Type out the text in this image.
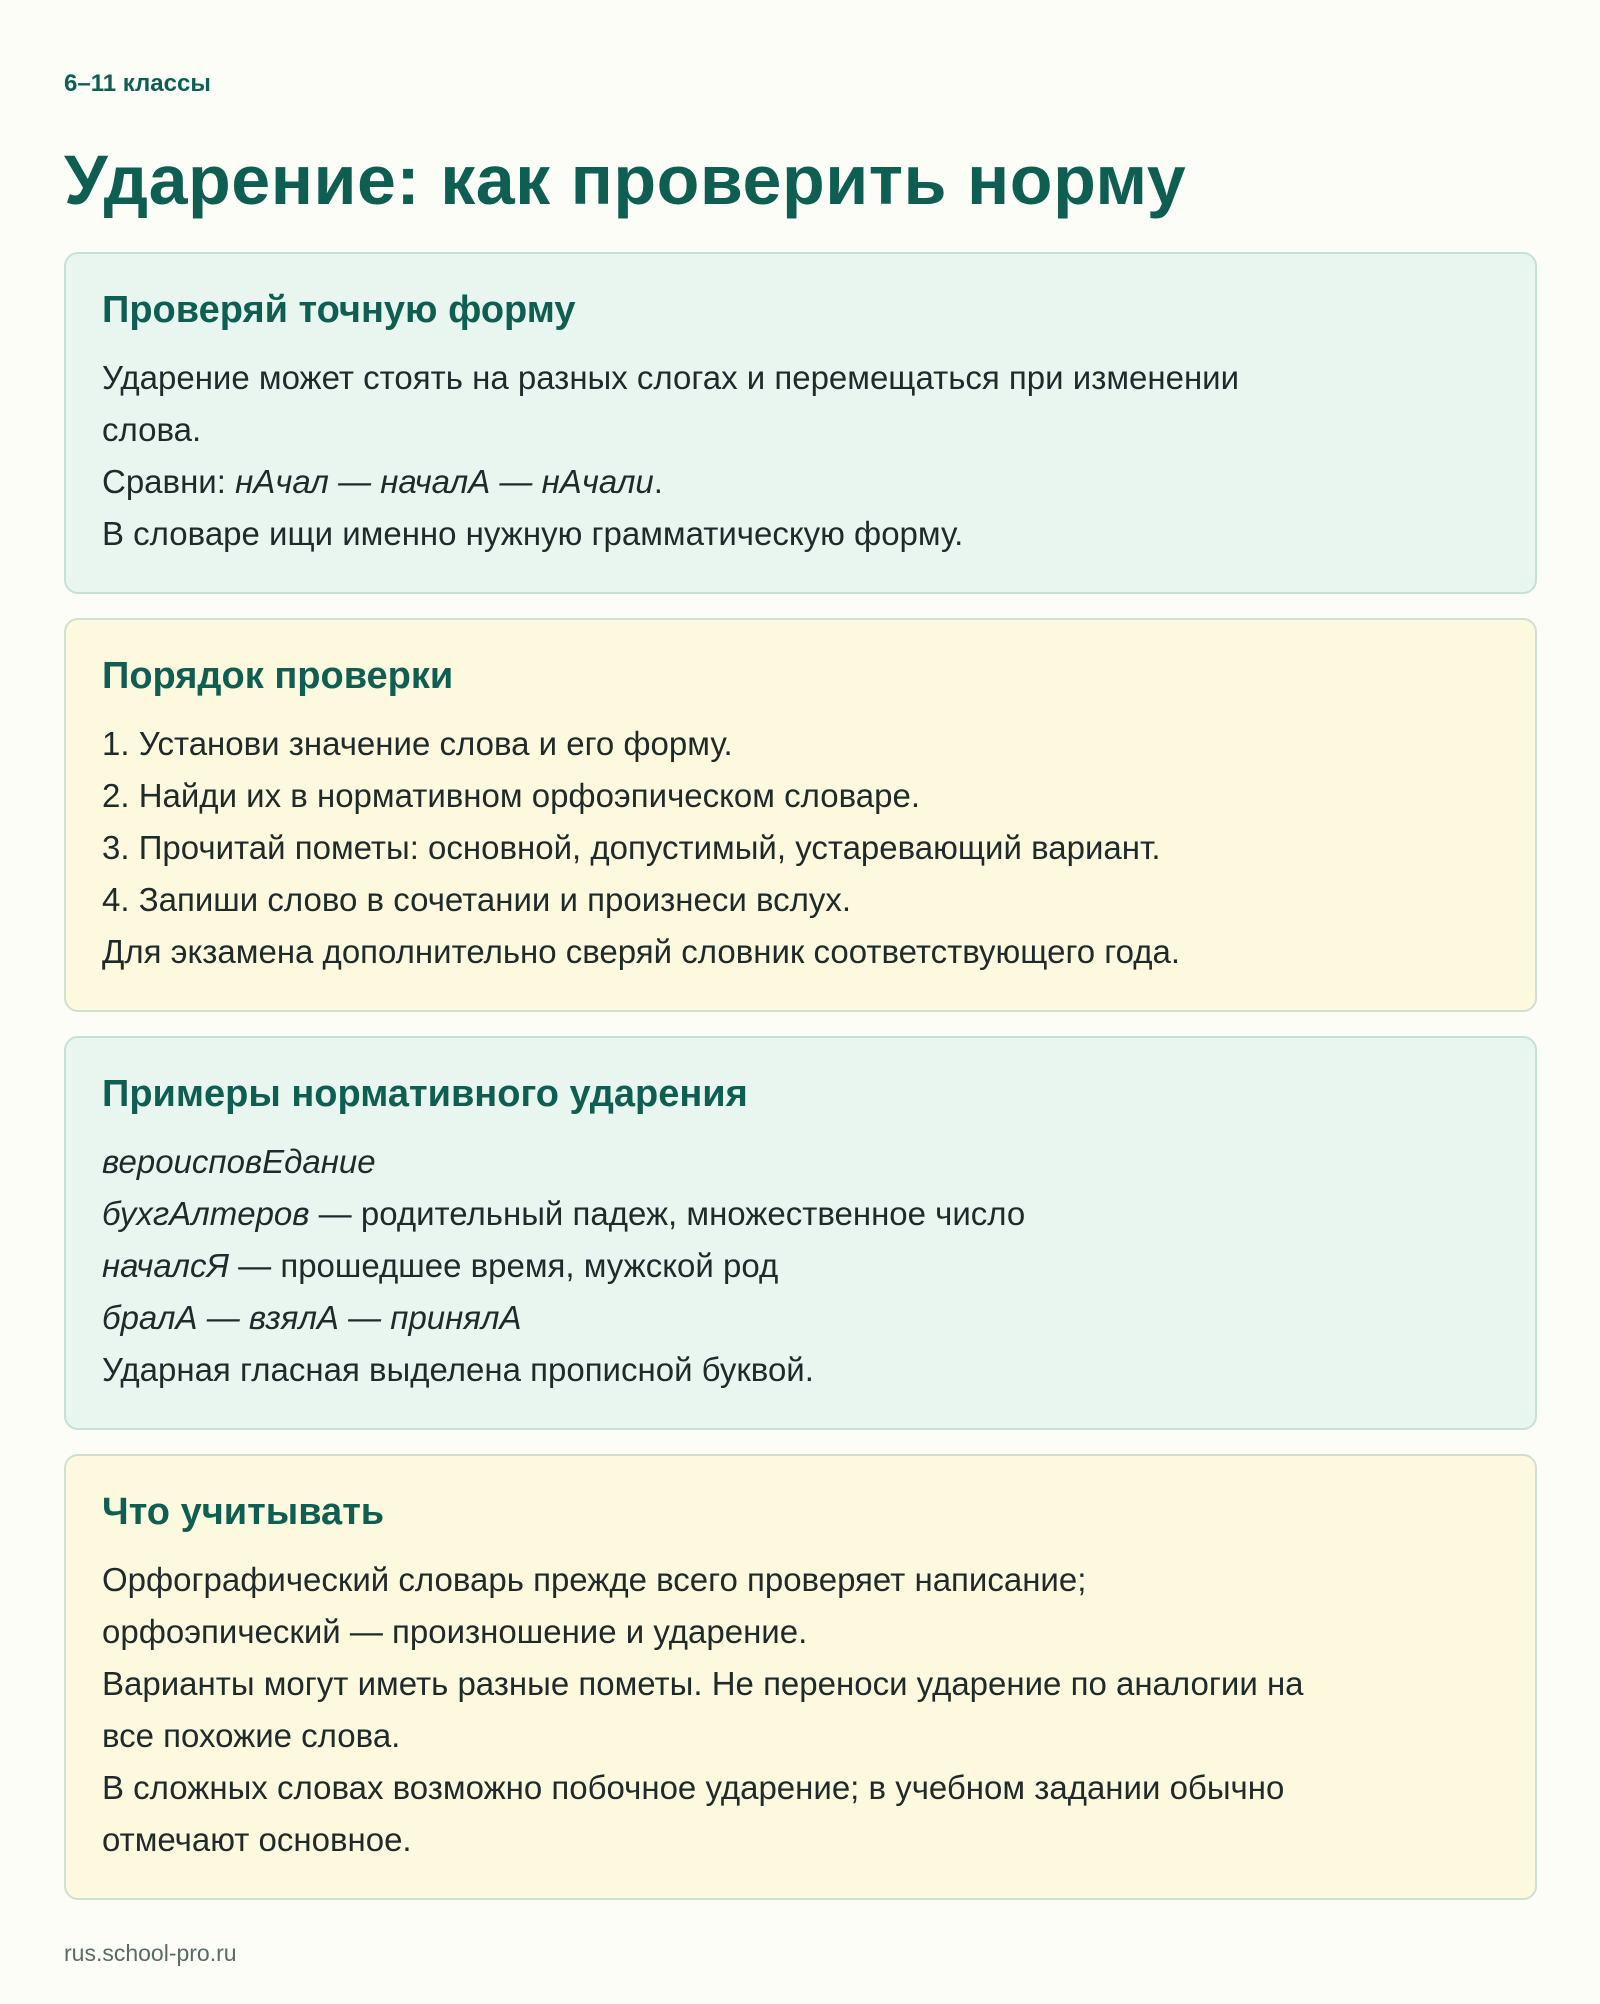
6–11 классы
Ударение: как проверить норму
Проверяй точную форму
Ударение может стоять на разных слогах и перемещаться при изменении
слова.
Сравни: нАчал — началА — нАчали.
В словаре ищи именно нужную грамматическую форму.
Порядок проверки
1. Установи значение слова и его форму.
2. Найди их в нормативном орфоэпическом словаре.
3. Прочитай пометы: основной, допустимый, устаревающий вариант.
4. Запиши слово в сочетании и произнеси вслух.
Для экзамена дополнительно сверяй словник соответствующего года.
Примеры нормативного ударения
вероисповЕдание
бухгАлтеров — родительный падеж, множественное число
началсЯ — прошедшее время, мужской род
бралА — взялА — принялА
Ударная гласная выделена прописной буквой.
Что учитывать
Орфографический словарь прежде всего проверяет написание;
орфоэпический — произношение и ударение.
Варианты могут иметь разные пометы. Не переноси ударение по аналогии на
все похожие слова.
В сложных словах возможно побочное ударение; в учебном задании обычно
отмечают основное.
rus.school-pro.ru
